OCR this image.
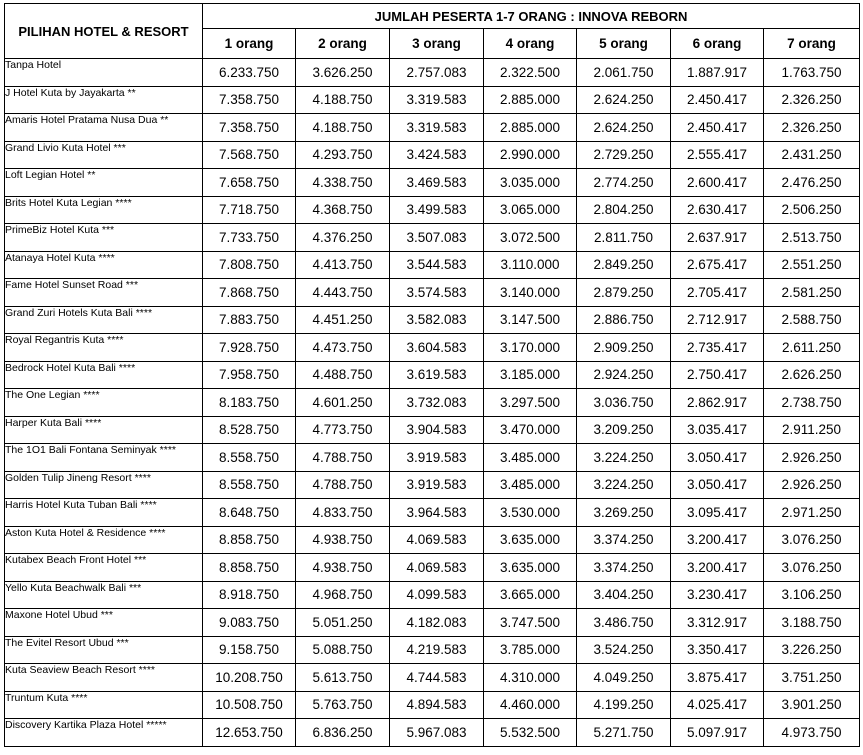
PILIHAN HOTEL & RESORT	JUMLAH PESERTA 1-7 ORANG : INNOVA REBORN						
	1 orang	2 orang	3 orang	4 orang	5 orang	6 orang	7 orang
Tanpa Hotel	6.233.750	3.626.250	2.757.083	2.322.500	2.061.750	1.887.917	1.763.750
J Hotel Kuta by Jayakarta **	7.358.750	4.188.750	3.319.583	2.885.000	2.624.250	2.450.417	2.326.250
Amaris Hotel Pratama Nusa Dua **	7.358.750	4.188.750	3.319.583	2.885.000	2.624.250	2.450.417	2.326.250
Grand Livio Kuta Hotel ***	7.568.750	4.293.750	3.424.583	2.990.000	2.729.250	2.555.417	2.431.250
Loft Legian Hotel **	7.658.750	4.338.750	3.469.583	3.035.000	2.774.250	2.600.417	2.476.250
Brits Hotel Kuta Legian ****	7.718.750	4.368.750	3.499.583	3.065.000	2.804.250	2.630.417	2.506.250
PrimeBiz Hotel Kuta ***	7.733.750	4.376.250	3.507.083	3.072.500	2.811.750	2.637.917	2.513.750
Atanaya Hotel Kuta ****	7.808.750	4.413.750	3.544.583	3.110.000	2.849.250	2.675.417	2.551.250
Fame Hotel Sunset Road ***	7.868.750	4.443.750	3.574.583	3.140.000	2.879.250	2.705.417	2.581.250
Grand Zuri Hotels Kuta Bali ****	7.883.750	4.451.250	3.582.083	3.147.500	2.886.750	2.712.917	2.588.750
Royal Regantris Kuta ****	7.928.750	4.473.750	3.604.583	3.170.000	2.909.250	2.735.417	2.611.250
Bedrock Hotel Kuta Bali ****	7.958.750	4.488.750	3.619.583	3.185.000	2.924.250	2.750.417	2.626.250
The One Legian ****	8.183.750	4.601.250	3.732.083	3.297.500	3.036.750	2.862.917	2.738.750
Harper Kuta Bali ****	8.528.750	4.773.750	3.904.583	3.470.000	3.209.250	3.035.417	2.911.250
The 1O1 Bali Fontana Seminyak ****	8.558.750	4.788.750	3.919.583	3.485.000	3.224.250	3.050.417	2.926.250
Golden Tulip Jineng Resort ****	8.558.750	4.788.750	3.919.583	3.485.000	3.224.250	3.050.417	2.926.250
Harris Hotel Kuta Tuban Bali ****	8.648.750	4.833.750	3.964.583	3.530.000	3.269.250	3.095.417	2.971.250
Aston Kuta Hotel & Residence ****	8.858.750	4.938.750	4.069.583	3.635.000	3.374.250	3.200.417	3.076.250
Kutabex Beach Front Hotel ***	8.858.750	4.938.750	4.069.583	3.635.000	3.374.250	3.200.417	3.076.250
Yello Kuta Beachwalk Bali ***	8.918.750	4.968.750	4.099.583	3.665.000	3.404.250	3.230.417	3.106.250
Maxone Hotel Ubud ***	9.083.750	5.051.250	4.182.083	3.747.500	3.486.750	3.312.917	3.188.750
The Evitel Resort Ubud ***	9.158.750	5.088.750	4.219.583	3.785.000	3.524.250	3.350.417	3.226.250
Kuta Seaview Beach Resort ****	10.208.750	5.613.750	4.744.583	4.310.000	4.049.250	3.875.417	3.751.250
Truntum Kuta ****	10.508.750	5.763.750	4.894.583	4.460.000	4.199.250	4.025.417	3.901.250
Discovery Kartika Plaza Hotel *****	12.653.750	6.836.250	5.967.083	5.532.500	5.271.750	5.097.917	4.973.750
